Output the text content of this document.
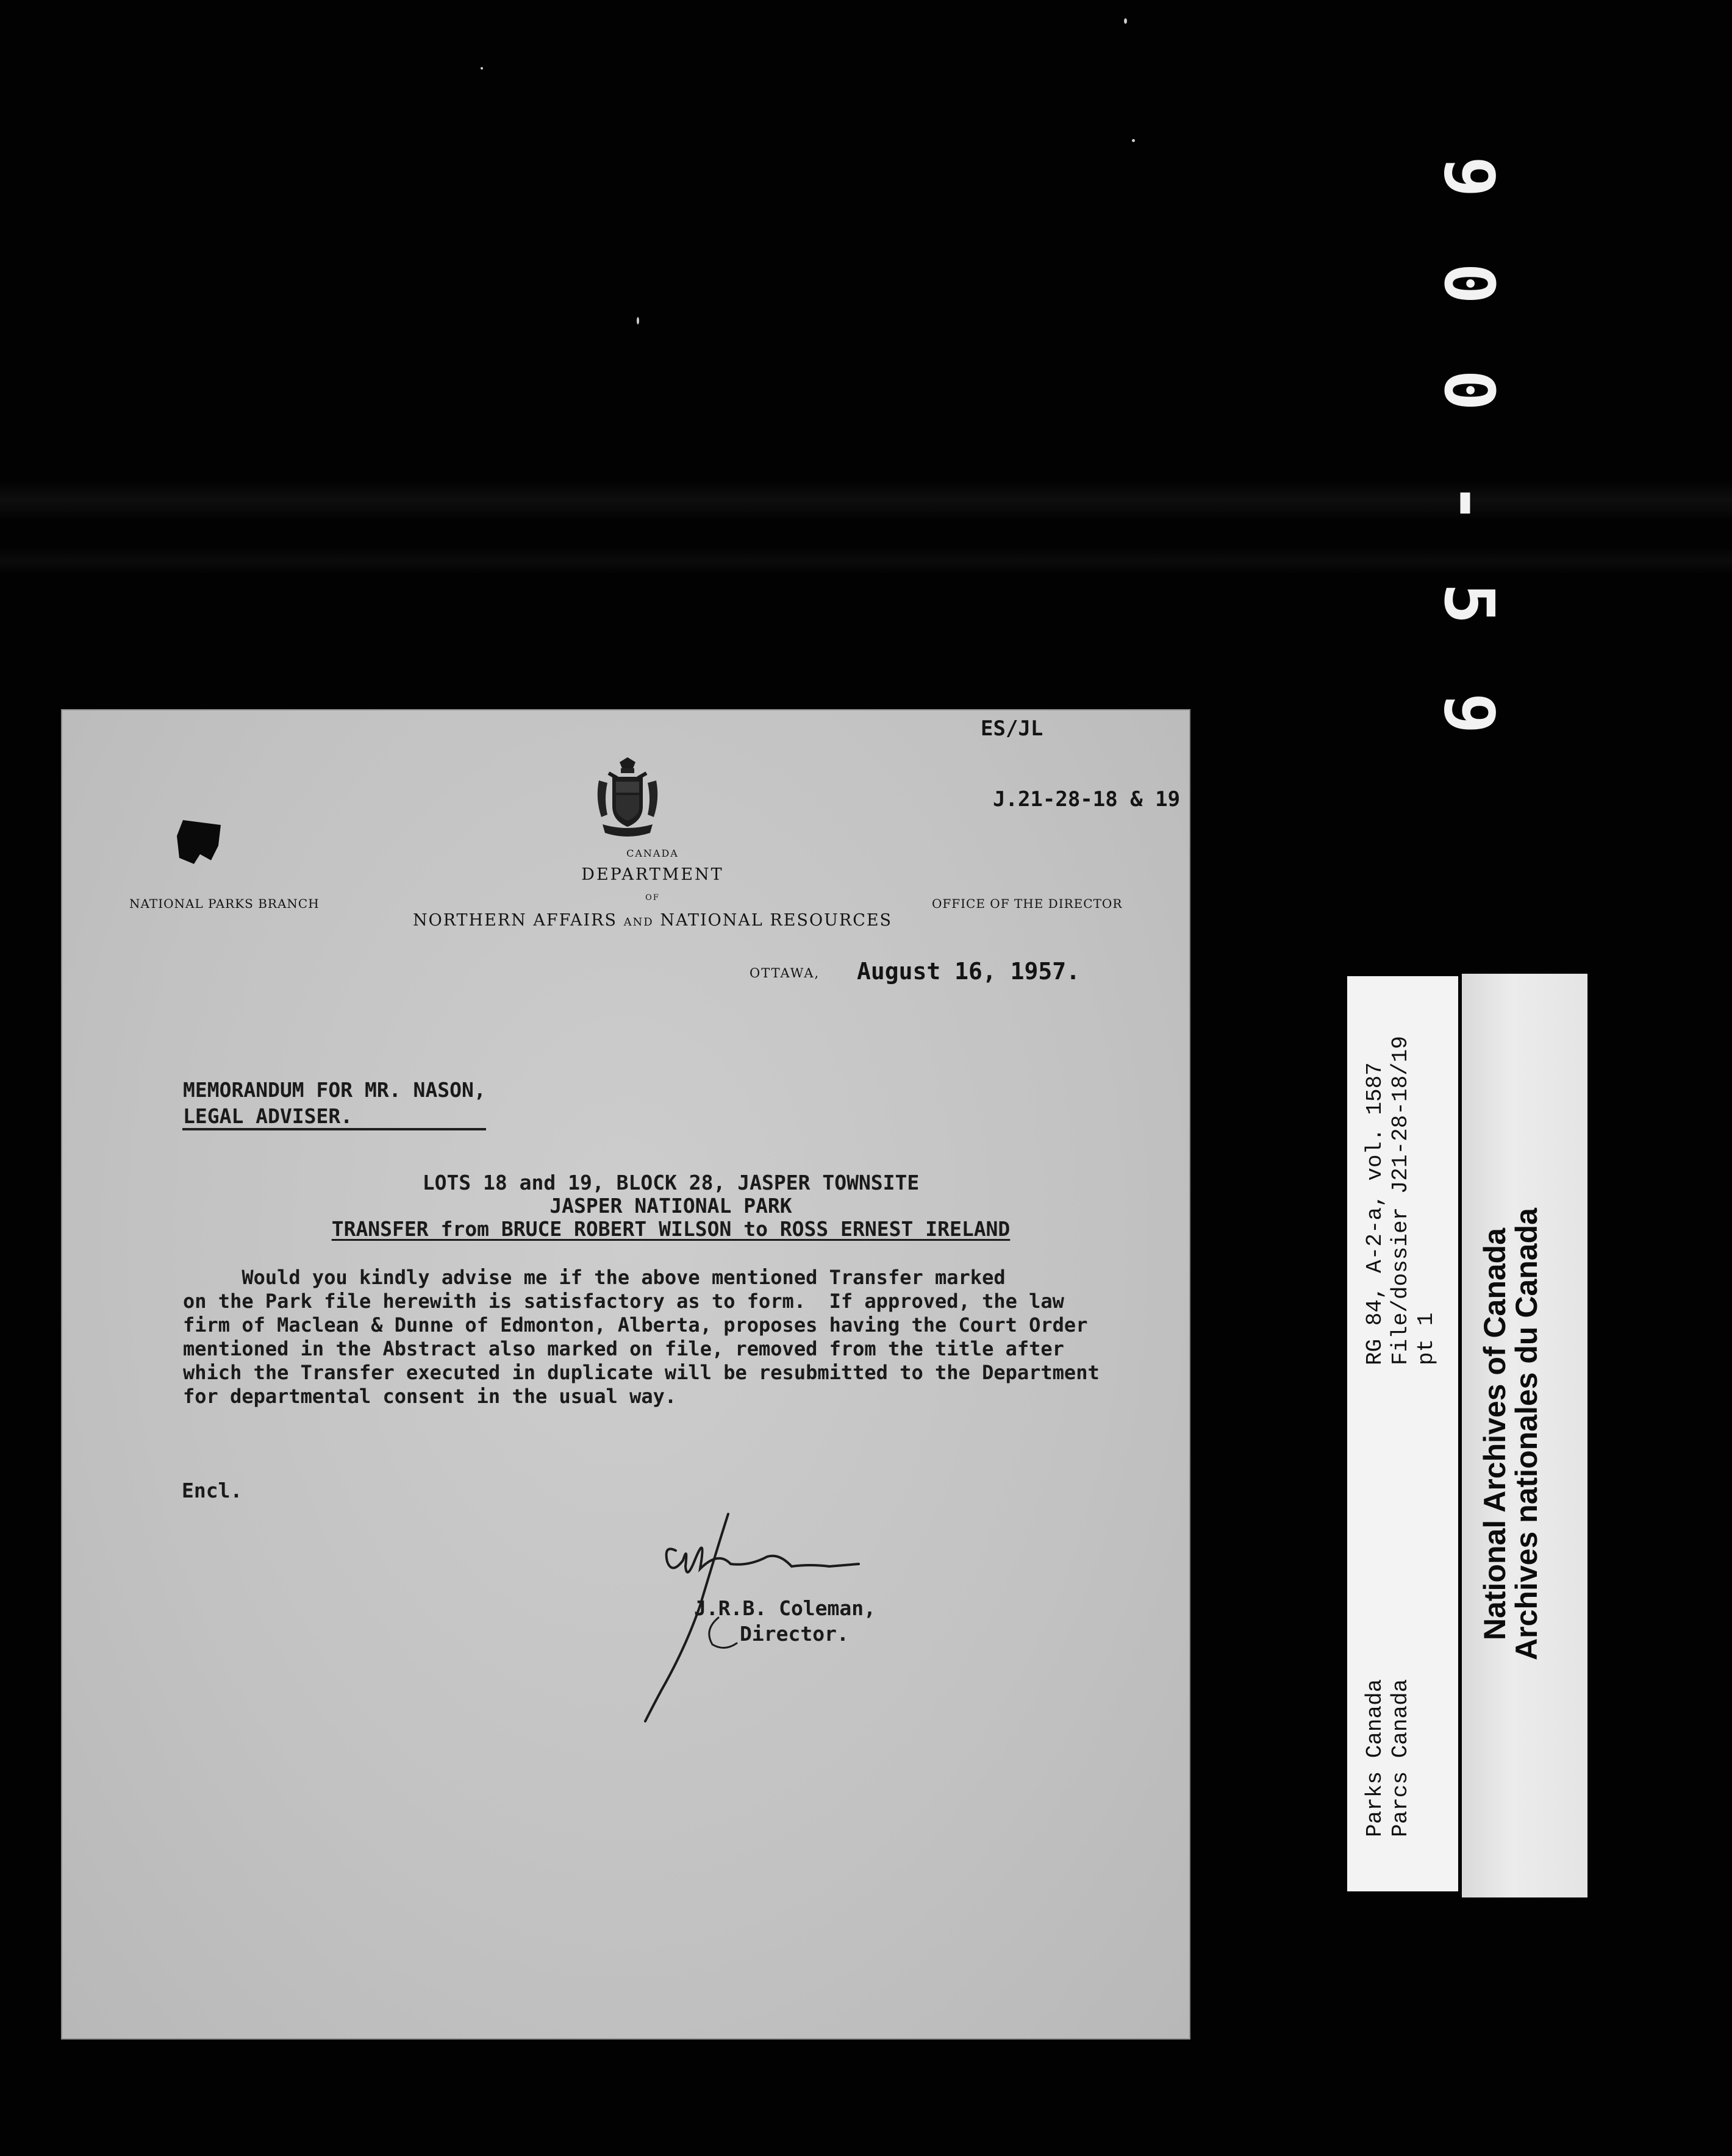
9
0
0
-
5
9
ES/JL
J.21-28-18 & 19
CANADA
DEPARTMENT
OF
NORTHERN AFFAIRS AND NATIONAL RESOURCES
NATIONAL PARKS BRANCH	OFFICE OF THE DIRECTOR
OTTAWA, August 16, 1957.
MEMORANDUM FOR MR. NASON,
LEGAL ADVISER.
LOTS 18 and 19, BLOCK 28, JASPER TOWNSITE
JASPER NATIONAL PARK
TRANSFER from BRUCE ROBERT WILSON to ROSS ERNEST IRELAND
Would you kindly advise me if the above mentioned Transfer marked
on the Park file herewith is satisfactory as to form.  If approved, the law
firm of Maclean & Dunne of Edmonton, Alberta, proposes having the Court Order
mentioned in the Abstract also marked on file, removed from the title after
which the Transfer executed in duplicate will be resubmitted to the Department
for departmental consent in the usual way.
Encl.
J.R.B. Coleman,
Director.

Parks Canada
Parcs Canada

RG 84, A-2-a, vol. 1587
File/dossier J21-28-18/19
pt 1

National Archives of Canada
Archives nationales du Canada
